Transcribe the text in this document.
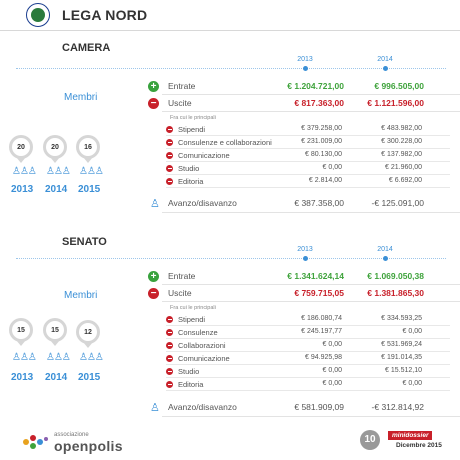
LEGA NORD
CAMERA
2013	2014
Membri
20	20	16
♙♙♙ ♙♙♙ ♙♙♙
2013 2014 2015
+	Entrate	€ 1.204.721,00	€ 996.505,00
−	Uscite	€ 817.363,00	€ 1.121.596,00
Fra cui le principali
Stipendi	€ 379.258,00	€ 483.982,00
Consulenze e collaborazioni	€ 231.009,00	€ 300.228,00
Comunicazione	€ 80.130,00	€ 137.982,00
Studio	€ 0,00	€ 21.960,00
Editoria	€ 2.814,00	€ 6.692,00
♙ Avanzo/disavanzo	€ 387.358,00	-€ 125.091,00
SENATO
2013	2014
Membri
15	15	12
♙♙♙ ♙♙♙ ♙♙♙
2013 2014 2015
+	Entrate	€ 1.341.624,14	€ 1.069.050,38
−	Uscite	€ 759.715,05	€ 1.381.865,30
Fra cui le principali
Stipendi	€ 186.080,74	€ 334.593,25
Consulenze	€ 245.197,77	€ 0,00
Collaborazioni	€ 0,00	€ 531.969,24
Comunicazione	€ 94.925,98	€ 191.014,35
Studio	€ 0,00	€ 15.512,10
Editoria	€ 0,00	€ 0,00
♙ Avanzo/disavanzo	€ 581.909,09	-€ 312.814,92
associazione
openpolis	10	minidossier
Dicembre 2015
